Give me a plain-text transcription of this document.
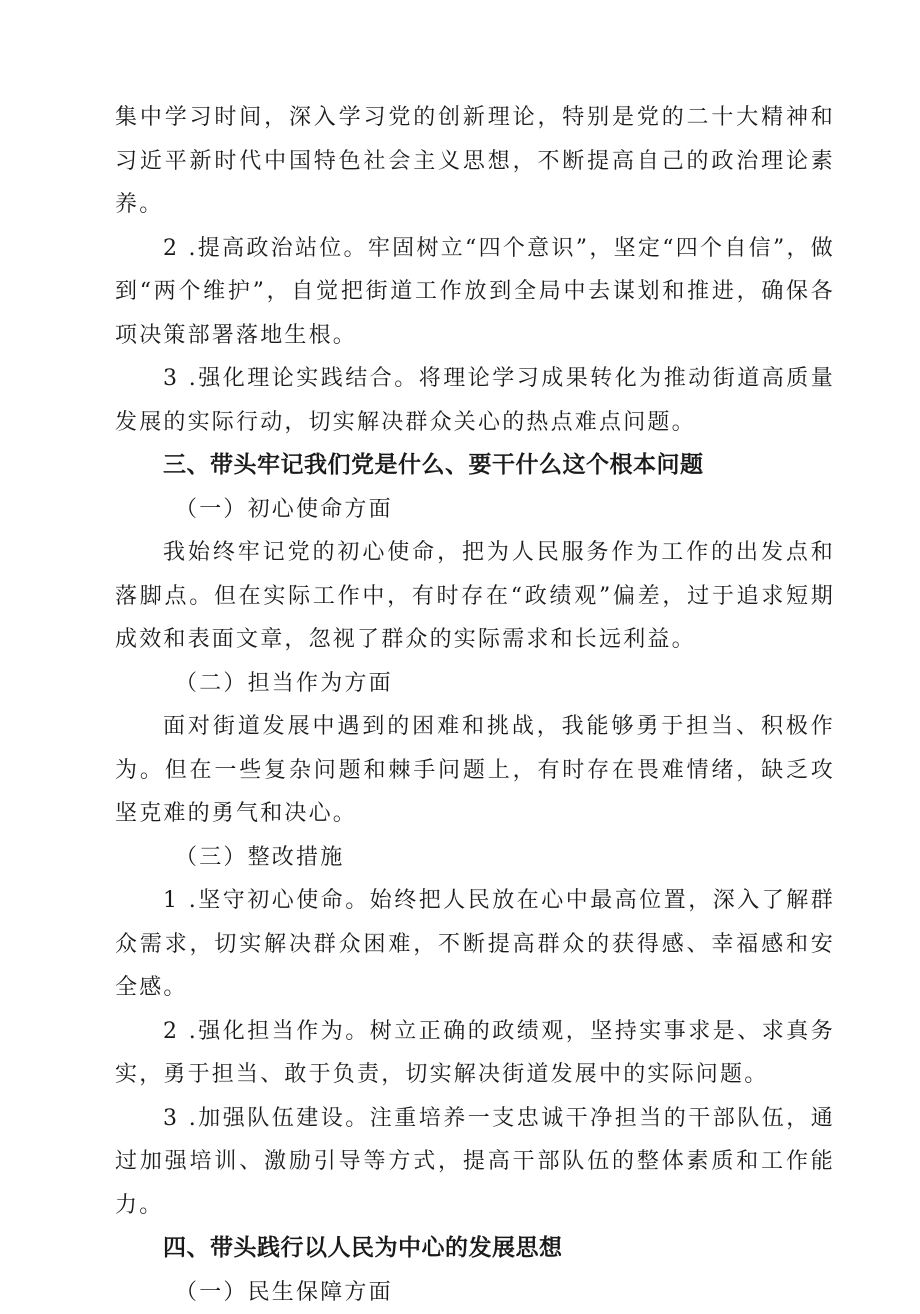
集中学习时间，深入学习党的创新理论，特别是党的二十大精神和习近平新时代中国特色社会主义思想，不断提高自己的政治理论素养。

2 .提高政治站位。牢固树立“四个意识”，坚定“四个自信”，做到“两个维护”，自觉把街道工作放到全局中去谋划和推进，确保各项决策部署落地生根。

3 .强化理论实践结合。将理论学习成果转化为推动街道高质量发展的实际行动，切实解决群众关心的热点难点问题。

三、带头牢记我们党是什么、要干什么这个根本问题

（一）初心使命方面

我始终牢记党的初心使命，把为人民服务作为工作的出发点和落脚点。但在实际工作中，有时存在“政绩观”偏差，过于追求短期成效和表面文章，忽视了群众的实际需求和长远利益。

（二）担当作为方面

面对街道发展中遇到的困难和挑战，我能够勇于担当、积极作为。但在一些复杂问题和棘手问题上，有时存在畏难情绪，缺乏攻坚克难的勇气和决心。

（三）整改措施

1 .坚守初心使命。始终把人民放在心中最高位置，深入了解群众需求，切实解决群众困难，不断提高群众的获得感、幸福感和安全感。

2 .强化担当作为。树立正确的政绩观，坚持实事求是、求真务实，勇于担当、敢于负责，切实解决街道发展中的实际问题。

3 .加强队伍建设。注重培养一支忠诚干净担当的干部队伍，通过加强培训、激励引导等方式，提高干部队伍的整体素质和工作能力。

四、带头践行以人民为中心的发展思想

（一）民生保障方面
